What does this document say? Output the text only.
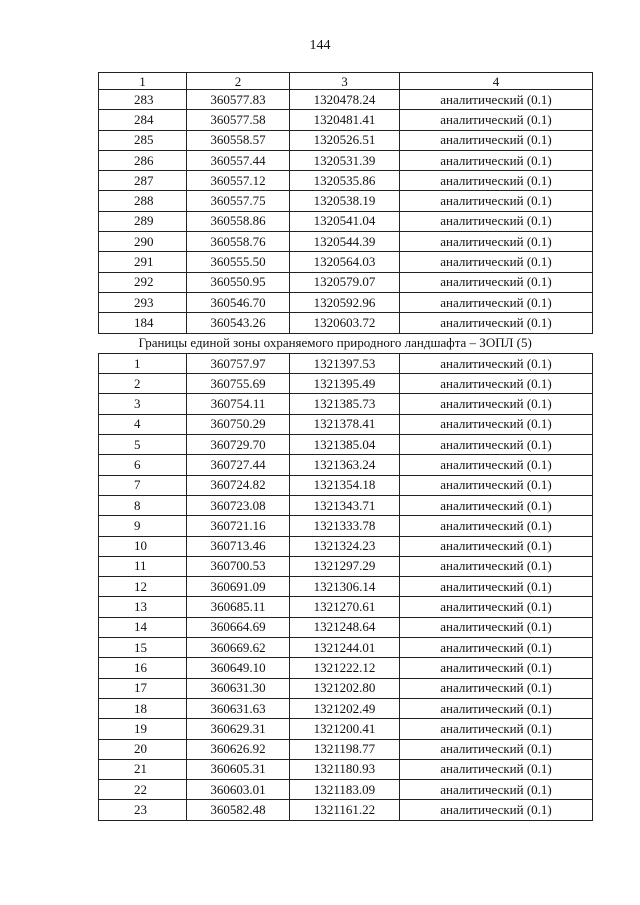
144
1	2	3	4
283	360577.83	1320478.24	аналитический (0.1)
284	360577.58	1320481.41	аналитический (0.1)
285	360558.57	1320526.51	аналитический (0.1)
286	360557.44	1320531.39	аналитический (0.1)
287	360557.12	1320535.86	аналитический (0.1)
288	360557.75	1320538.19	аналитический (0.1)
289	360558.86	1320541.04	аналитический (0.1)
290	360558.76	1320544.39	аналитический (0.1)
291	360555.50	1320564.03	аналитический (0.1)
292	360550.95	1320579.07	аналитический (0.1)
293	360546.70	1320592.96	аналитический (0.1)
184	360543.26	1320603.72	аналитический (0.1)
Границы единой зоны охраняемого природного ландшафта – ЗОПЛ (5)			
1	360757.97	1321397.53	аналитический (0.1)
2	360755.69	1321395.49	аналитический (0.1)
3	360754.11	1321385.73	аналитический (0.1)
4	360750.29	1321378.41	аналитический (0.1)
5	360729.70	1321385.04	аналитический (0.1)
6	360727.44	1321363.24	аналитический (0.1)
7	360724.82	1321354.18	аналитический (0.1)
8	360723.08	1321343.71	аналитический (0.1)
9	360721.16	1321333.78	аналитический (0.1)
10	360713.46	1321324.23	аналитический (0.1)
11	360700.53	1321297.29	аналитический (0.1)
12	360691.09	1321306.14	аналитический (0.1)
13	360685.11	1321270.61	аналитический (0.1)
14	360664.69	1321248.64	аналитический (0.1)
15	360669.62	1321244.01	аналитический (0.1)
16	360649.10	1321222.12	аналитический (0.1)
17	360631.30	1321202.80	аналитический (0.1)
18	360631.63	1321202.49	аналитический (0.1)
19	360629.31	1321200.41	аналитический (0.1)
20	360626.92	1321198.77	аналитический (0.1)
21	360605.31	1321180.93	аналитический (0.1)
22	360603.01	1321183.09	аналитический (0.1)
23	360582.48	1321161.22	аналитический (0.1)
